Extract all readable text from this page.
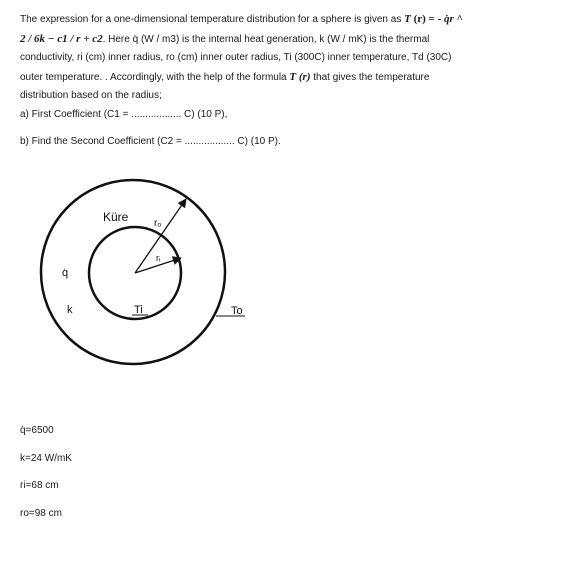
The expression for a one-dimensional temperature distribution for a sphere is given as T (r) = - q̇r ^
2 / 6k − c1 / r + c2. Here q̇ (W / m3) is the internal heat generation, k (W / mK) is the thermal
conductivity, ri (cm) inner radius, ro (cm) inner outer radius, Ti (300C) inner temperature, Td (30C)
outer temperature. . Accordingly, with the help of the formula T (r) that gives the temperature
distribution based on the radius;
a) First Coefficient (C1 = .................. C) (10 P),
b) Find the Second Coefficient (C2 = .................. C) (10 P).
Küre	rₒ
rᵢ
q̇
k	Ti	To
q̇=6500
k=24 W/mK
ri=68 cm
ro=98 cm
